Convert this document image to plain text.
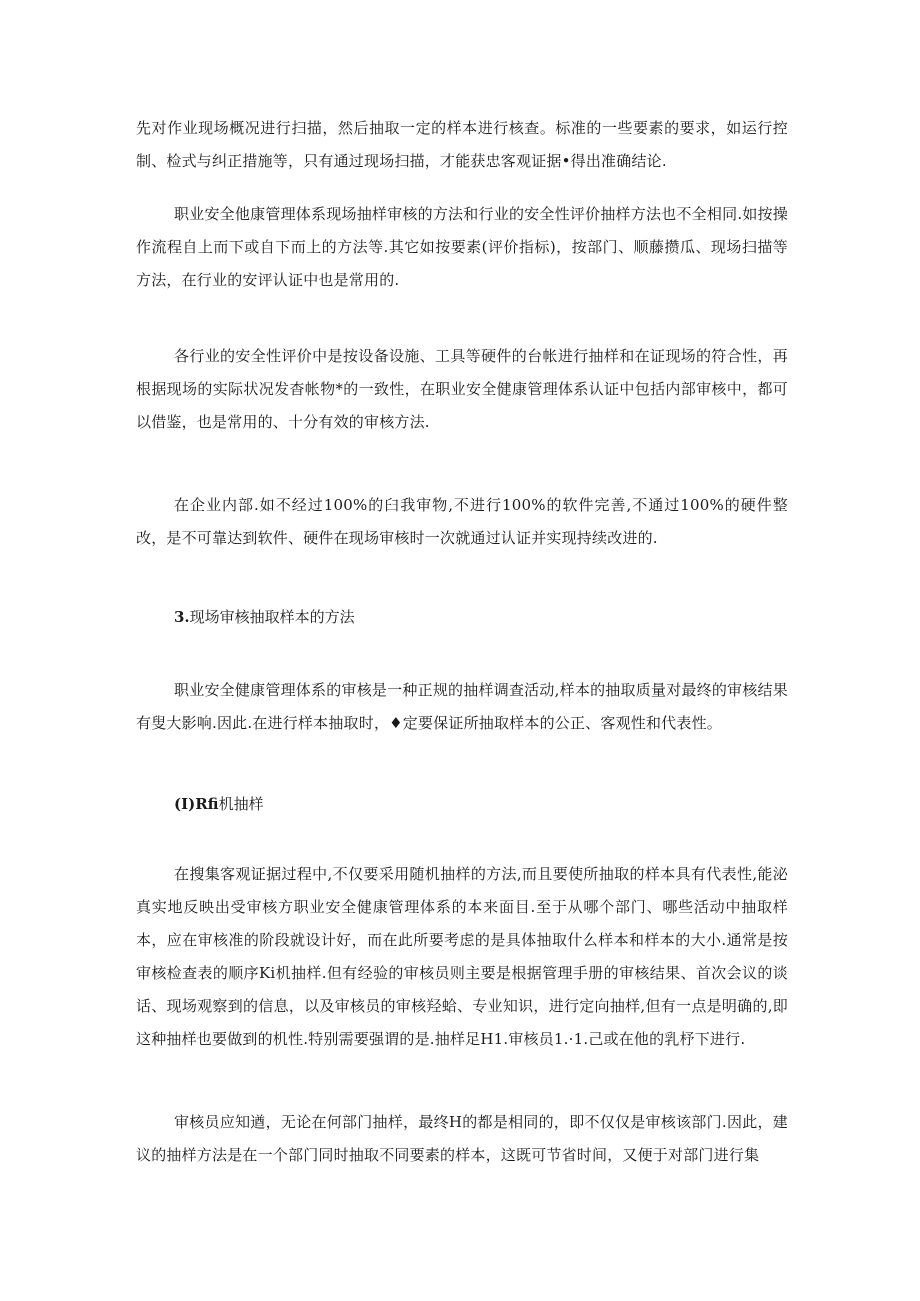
先对作业现场概况进行扫描，然后抽取一定的样本进行核查。标准的一些要素的要求，如运行控制、检式与纠正措施等，只有通过现场扫描，才能获忠客观证据•得出准确结论.

职业安全他康管理体系现场抽样审核的方法和行业的安全性评价抽样方法也不全相同.如按操作流程自上而下或自下而上的方法等.其它如按要素(评价指标)，按部门、顺藤攒瓜、现场扫描等方法，在行业的安评认证中也是常用的.

各行业的安全性评价中是按设备设施、工具等硬件的台帐进行抽样和在证现场的符合性，再根据现场的实际状况发杳帐物*的一致性，在职业安全健康管理体系认证中包括内部审核中，都可以借鉴，也是常用的、十分有效的审核方法.

在企业内部.如不经过100%的臼我审物,不进行100%的软件完善,不通过100%的硬件整改，是不可靠达到软件、硬件在现场审核时一次就通过认证并实现持续改进的.

3.现场审核抽取样本的方法

职业安全健康管理体系的审核是一种正规的抽样调查活动,样本的抽取质量对最终的审核结果有叟大影响.因此.在进行样本抽取时，♦定要保证所抽取样本的公正、客观性和代表性。

(I)Rfi机抽样

在搜集客观证据过程中,不仅要采用随机抽样的方法,而且要使所抽取的样本具有代表性,能泌真实地反映出受审核方职业安全健康管理体系的本来面目.至于从哪个部门、哪些活动中抽取样本，应在审核准的阶段就设计好，而在此所要考虑的是具体抽取什么样本和样本的大小.通常是按审核检查表的顺序Ki机抽样.但有经验的审核员则主要是根据管理手册的审核结果、首次会议的谈话、现场观察到的信息，以及审核员的审核羟蛤、专业知识，进行定向抽样,但有一点是明确的,即这种抽样也要做到的机性.特别需要强谓的是.抽样足H1.审核员1.·1.己或在他的乳杼下进行.

审核员应知遒，无论在何部门抽样，最终H的都是相同的，即不仅仅是审核该部门.因此，建议的抽样方法是在一个部门同时抽取不同要素的样本，这既可节省时间，又便于对部门进行集
